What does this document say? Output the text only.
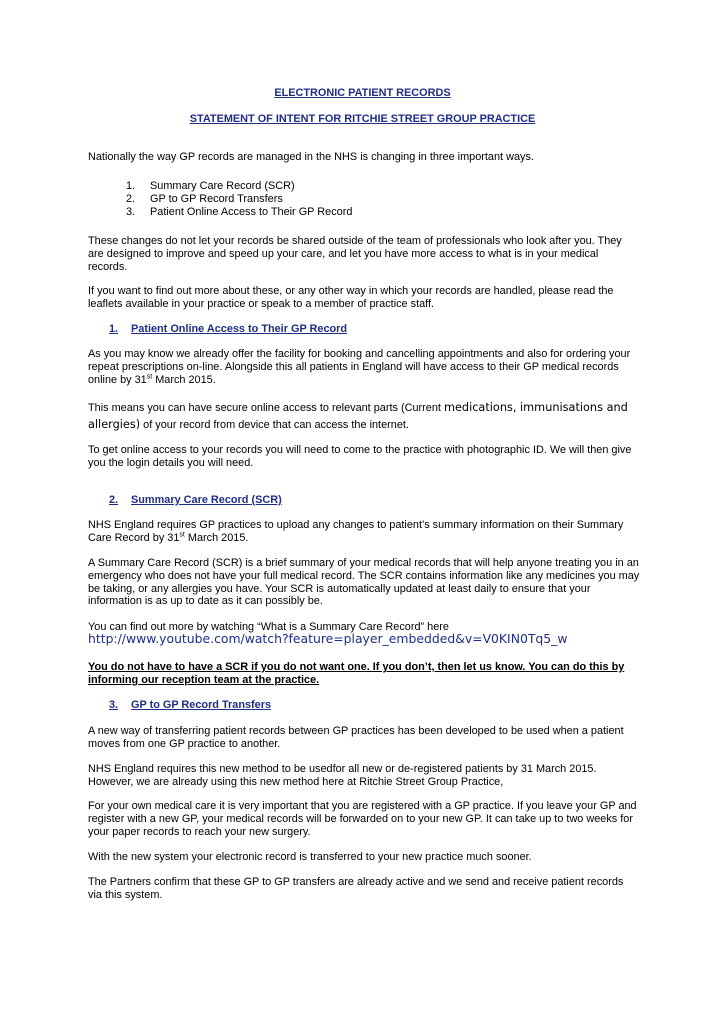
ELECTRONIC PATIENT RECORDS

STATEMENT OF INTENT FOR RITCHIE STREET GROUP PRACTICE

Nationally the way GP records are managed in the NHS is changing in three important ways.

1. Summary Care Record (SCR)
2. GP to GP Record Transfers
3. Patient Online Access to Their GP Record

These changes do not let your records be shared outside of the team of professionals who look after you. They are designed to improve and speed up your care, and let you have more access to what is in your medical records.

If you want to find out more about these, or any other way in which your records are handled, please read the leaflets available in your practice or speak to a member of practice staff.

1. Patient Online Access to Their GP Record

As you may know we already offer the facility for booking and cancelling appointments and also for ordering your repeat prescriptions on-line. Alongside this all patients in England will have access to their GP medical records online by 31st March 2015.

This means you can have secure online access to relevant parts (Current medications, immunisations and allergies) of your record from device that can access the internet.

To get online access to your records you will need to come to the practice with photographic ID. We will then give you the login details you will need.

2. Summary Care Record (SCR)

NHS England requires GP practices to upload any changes to patient’s summary information on their Summary Care Record by 31st March 2015.

A Summary Care Record (SCR) is a brief summary of your medical records that will help anyone treating you in an emergency who does not have your full medical record. The SCR contains information like any medicines you may be taking, or any allergies you have. Your SCR is automatically updated at least daily to ensure that your information is as up to date as it can possibly be.

You can find out more by watching “What is a Summary Care Record” here

http://www.youtube.com/watch?feature=player_embedded&v=V0KIN0Tq5_w

You do not have to have a SCR if you do not want one. If you don’t, then let us know. You can do this by informing our reception team at the practice.

3. GP to GP Record Transfers

A new way of transferring patient records between GP practices has been developed to be used when a patient moves from one GP practice to another.

NHS England requires this new method to be usedfor all new or de-registered patients by 31 March 2015. However, we are already using this new method here at Ritchie Street Group Practice,

For your own medical care it is very important that you are registered with a GP practice. If you leave your GP and register with a new GP, your medical records will be forwarded on to your new GP. It can take up to two weeks for your paper records to reach your new surgery.

With the new system your electronic record is transferred to your new practice much sooner.

The Partners confirm that these GP to GP transfers are already active and we send and receive patient records via this system.
